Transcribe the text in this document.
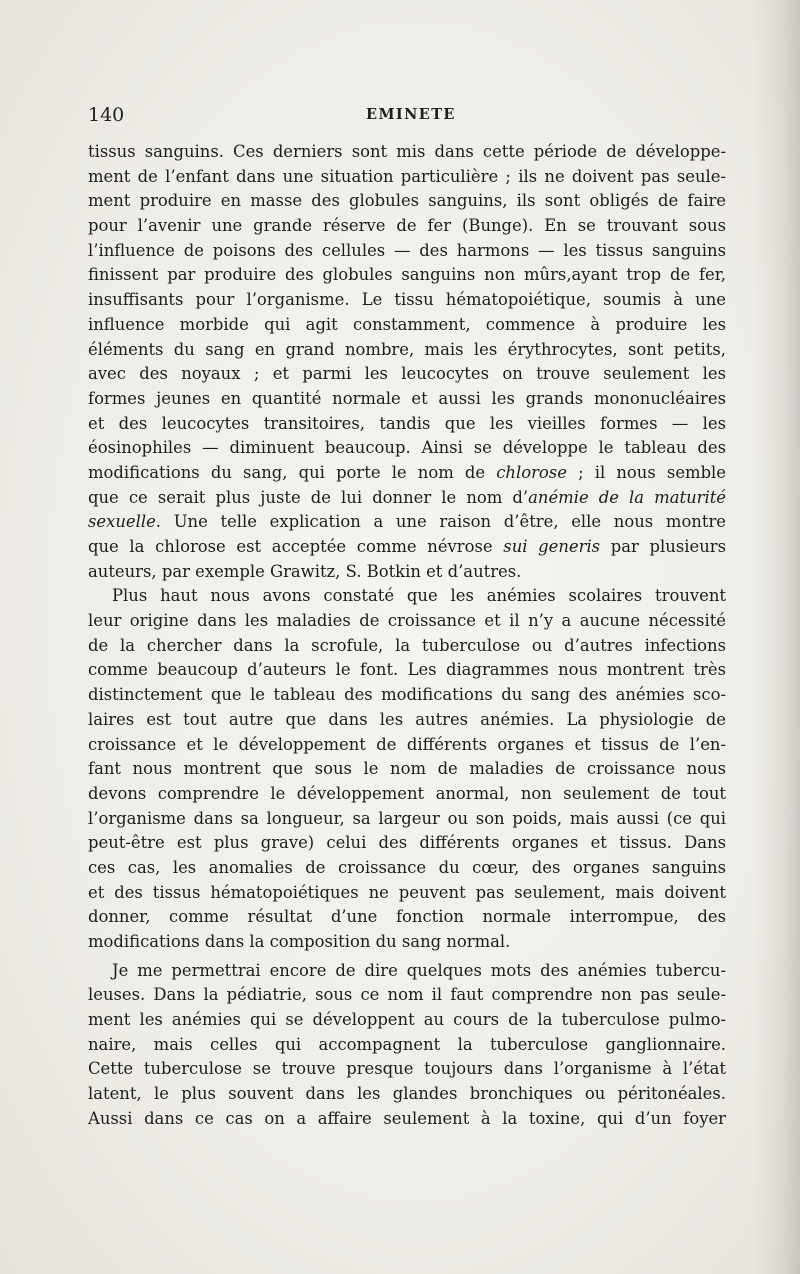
140	EMINETE
tissus sanguins. Ces derniers sont mis dans cette période de développe-
ment de l’enfant dans une situation particulière ; ils ne doivent pas seule-
ment produire en masse des globules sanguins, ils sont obligés de faire
pour l’avenir une grande réserve de fer (Bunge). En se trouvant sous
l’influence de poisons des cellules — des harmons — les tissus sanguins
finissent par produire des globules sanguins non mûrs,ayant trop de fer,
insuffisants pour l’organisme. Le tissu hématopoiétique, soumis à une
influence morbide qui agit constamment, commence à produire les
éléments du sang en grand nombre, mais les érythrocytes, sont petits,
avec des noyaux ; et parmi les leucocytes on trouve seulement les
formes jeunes en quantité normale et aussi les grands mononucléaires
et des leucocytes transitoires, tandis que les vieilles formes — les
éosinophiles — diminuent beaucoup. Ainsi se développe le tableau des
modifications du sang, qui porte le nom de chlorose ; il nous semble
que ce serait plus juste de lui donner le nom d’anémie de la maturité
sexuelle. Une telle explication a une raison d’être, elle nous montre
que la chlorose est acceptée comme névrose sui generis par plusieurs
auteurs, par exemple Grawitz, S. Botkin et d’autres.
Plus haut nous avons constaté que les anémies scolaires trouvent
leur origine dans les maladies de croissance et il n’y a aucune nécessité
de la chercher dans la scrofule, la tuberculose ou d’autres infections
comme beaucoup d’auteurs le font. Les diagrammes nous montrent très
distinctement que le tableau des modifications du sang des anémies sco-
laires est tout autre que dans les autres anémies. La physiologie de
croissance et le développement de différents organes et tissus de l’en-
fant nous montrent que sous le nom de maladies de croissance nous
devons comprendre le développement anormal, non seulement de tout
l’organisme dans sa longueur, sa largeur ou son poids, mais aussi (ce qui
peut-être est plus grave) celui des différents organes et tissus. Dans
ces cas, les anomalies de croissance du cœur, des organes sanguins
et des tissus hématopoiétiques ne peuvent pas seulement, mais doivent
donner, comme résultat d’une fonction normale interrompue, des
modifications dans la composition du sang normal.
Je me permettrai encore de dire quelques mots des anémies tubercu-
leuses. Dans la pédiatrie, sous ce nom il faut comprendre non pas seule-
ment les anémies qui se développent au cours de la tuberculose pulmo-
naire, mais celles qui accompagnent la tuberculose ganglionnaire.
Cette tuberculose se trouve presque toujours dans l’organisme à l’état
latent, le plus souvent dans les glandes bronchiques ou péritonéales.
Aussi dans ce cas on a affaire seulement à la toxine, qui d’un foyer
